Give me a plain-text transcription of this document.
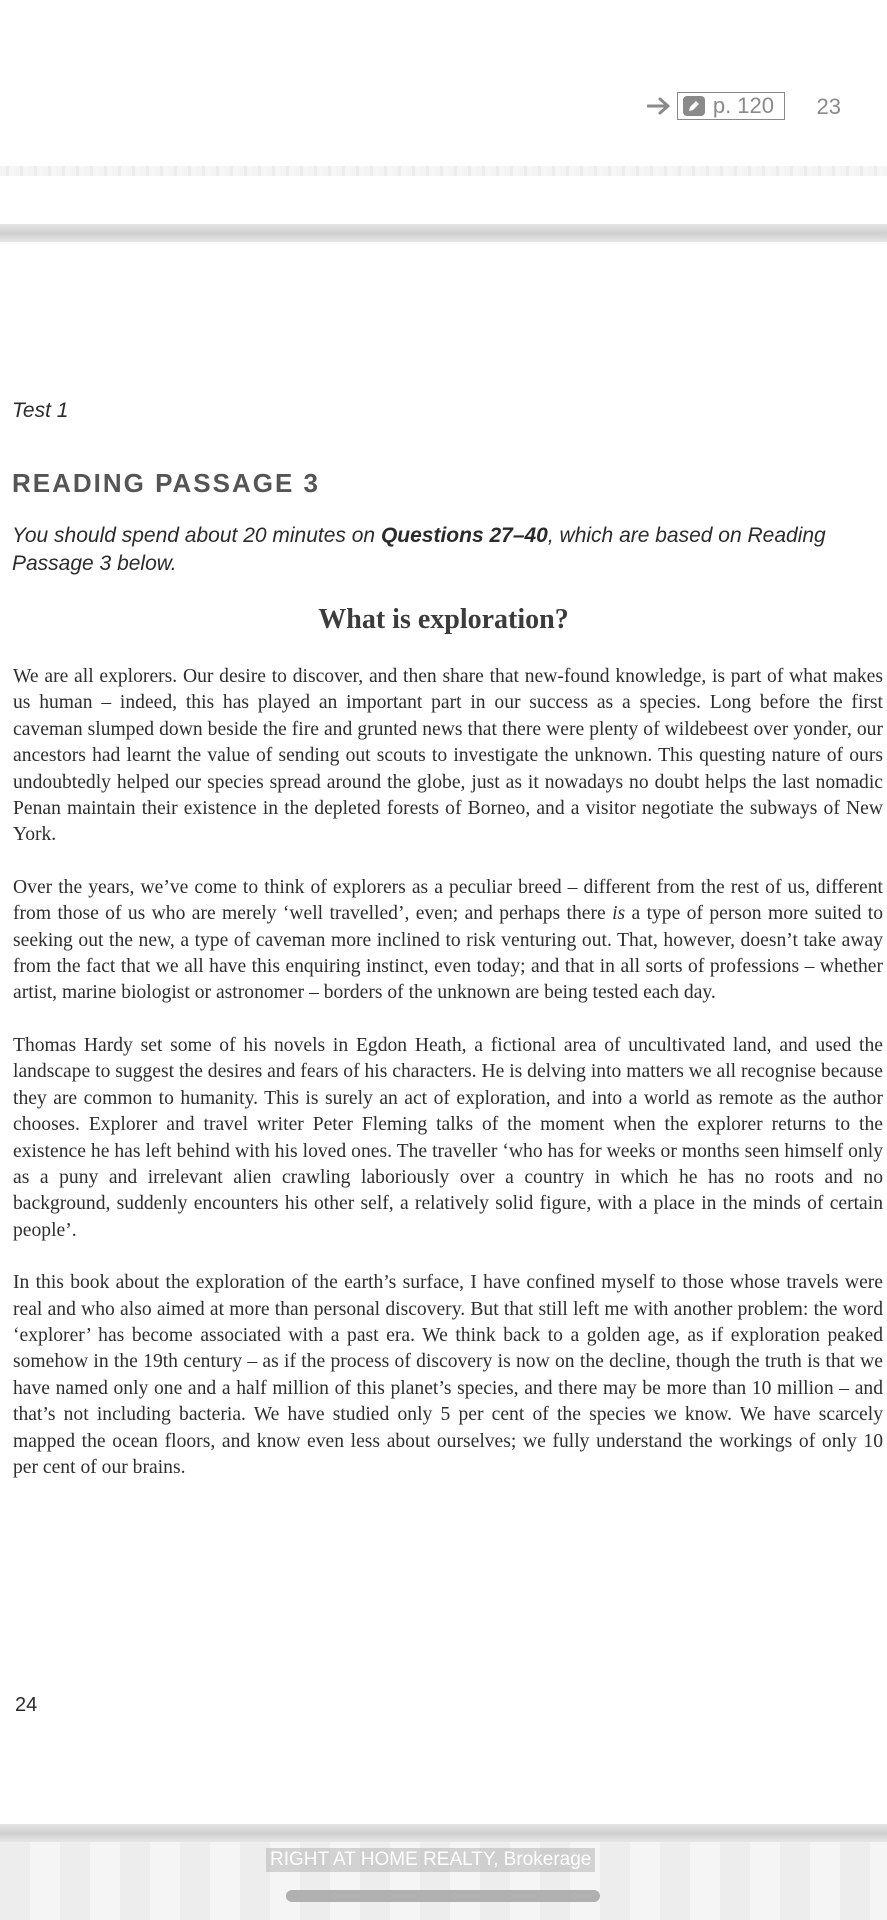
p. 120 23
Test 1
READING PASSAGE 3
You should spend about 20 minutes on Questions 27–40, which are based on Reading Passage 3 below.
What is exploration?

We are all explorers. Our desire to discover, and then share that new-found knowledge, is part of what makes us human – indeed, this has played an important part in our success as a species. Long before the first caveman slumped down beside the fire and grunted news that there were plenty of wildebeest over yonder, our ancestors had learnt the value of sending out scouts to investigate the unknown. This questing nature of ours undoubtedly helped our species spread around the globe, just as it nowadays no doubt helps the last nomadic Penan maintain their existence in the depleted forests of Borneo, and a visitor negotiate the subways of New York.

Over the years, we’ve come to think of explorers as a peculiar breed – different from the rest of us, different from those of us who are merely ‘well travelled’, even; and perhaps there is a type of person more suited to seeking out the new, a type of caveman more inclined to risk venturing out. That, however, doesn’t take away from the fact that we all have this enquiring instinct, even today; and that in all sorts of professions – whether artist, marine biologist or astronomer – borders of the unknown are being tested each day.

Thomas Hardy set some of his novels in Egdon Heath, a fictional area of uncultivated land, and used the landscape to suggest the desires and fears of his characters. He is delving into matters we all recognise because they are common to humanity. This is surely an act of exploration, and into a world as remote as the author chooses. Explorer and travel writer Peter Fleming talks of the moment when the explorer returns to the existence he has left behind with his loved ones. The traveller ‘who has for weeks or months seen himself only as a puny and irrelevant alien crawling laboriously over a country in which he has no roots and no background, suddenly encounters his other self, a relatively solid figure, with a place in the minds of certain people’.

In this book about the exploration of the earth’s surface, I have confined myself to those whose travels were real and who also aimed at more than personal discovery. But that still left me with another problem: the word ‘explorer’ has become associated with a past era. We think back to a golden age, as if exploration peaked somehow in the 19th century – as if the process of discovery is now on the decline, though the truth is that we have named only one and a half million of this planet’s species, and there may be more than 10 million – and that’s not including bacteria. We have studied only 5 per cent of the species we know. We have scarcely mapped the ocean floors, and know even less about ourselves; we fully understand the workings of only 10 per cent of our brains.

24
RIGHT AT HOME REALTY, Brokerage
